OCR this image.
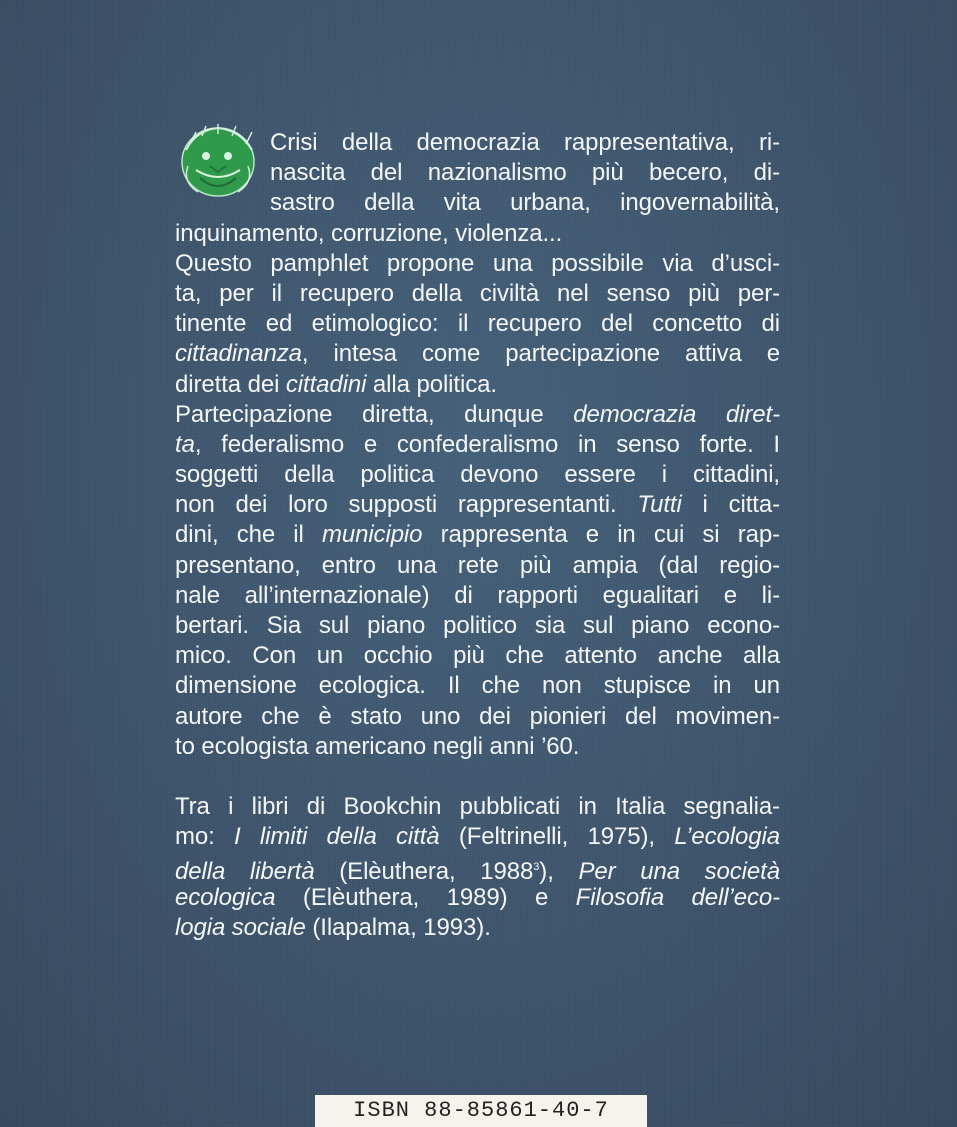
Crisi della democrazia rappresentativa, ri-
nascita del nazionalismo più becero, di-
sastro della vita urbana, ingovernabilità,
inquinamento, corruzione, violenza...
Questo pamphlet propone una possibile via d’usci-
ta, per il recupero della civiltà nel senso più per-
tinente ed etimologico: il recupero del concetto di
cittadinanza, intesa come partecipazione attiva e
diretta dei cittadini alla politica.
Partecipazione diretta, dunque democrazia diret-
ta, federalismo e confederalismo in senso forte. I
soggetti della politica devono essere i cittadini,
non dei loro supposti rappresentanti. Tutti i citta-
dini, che il municipio rappresenta e in cui si rap-
presentano, entro una rete più ampia (dal regio-
nale all’internazionale) di rapporti egualitari e li-
bertari. Sia sul piano politico sia sul piano econo-
mico. Con un occhio più che attento anche alla
dimensione ecologica. Il che non stupisce in un
autore che è stato uno dei pionieri del movimen-
to ecologista americano negli anni ’60.
Tra i libri di Bookchin pubblicati in Italia segnalia-
mo: I limiti della città (Feltrinelli, 1975), L’ecologia
della libertà (Elèuthera, 1988$^3$), Per una società
ecologica (Elèuthera, 1989) e Filosofia dell’eco-
logia sociale (Ilapalma, 1993).
ISBN 88-85861-40-7
